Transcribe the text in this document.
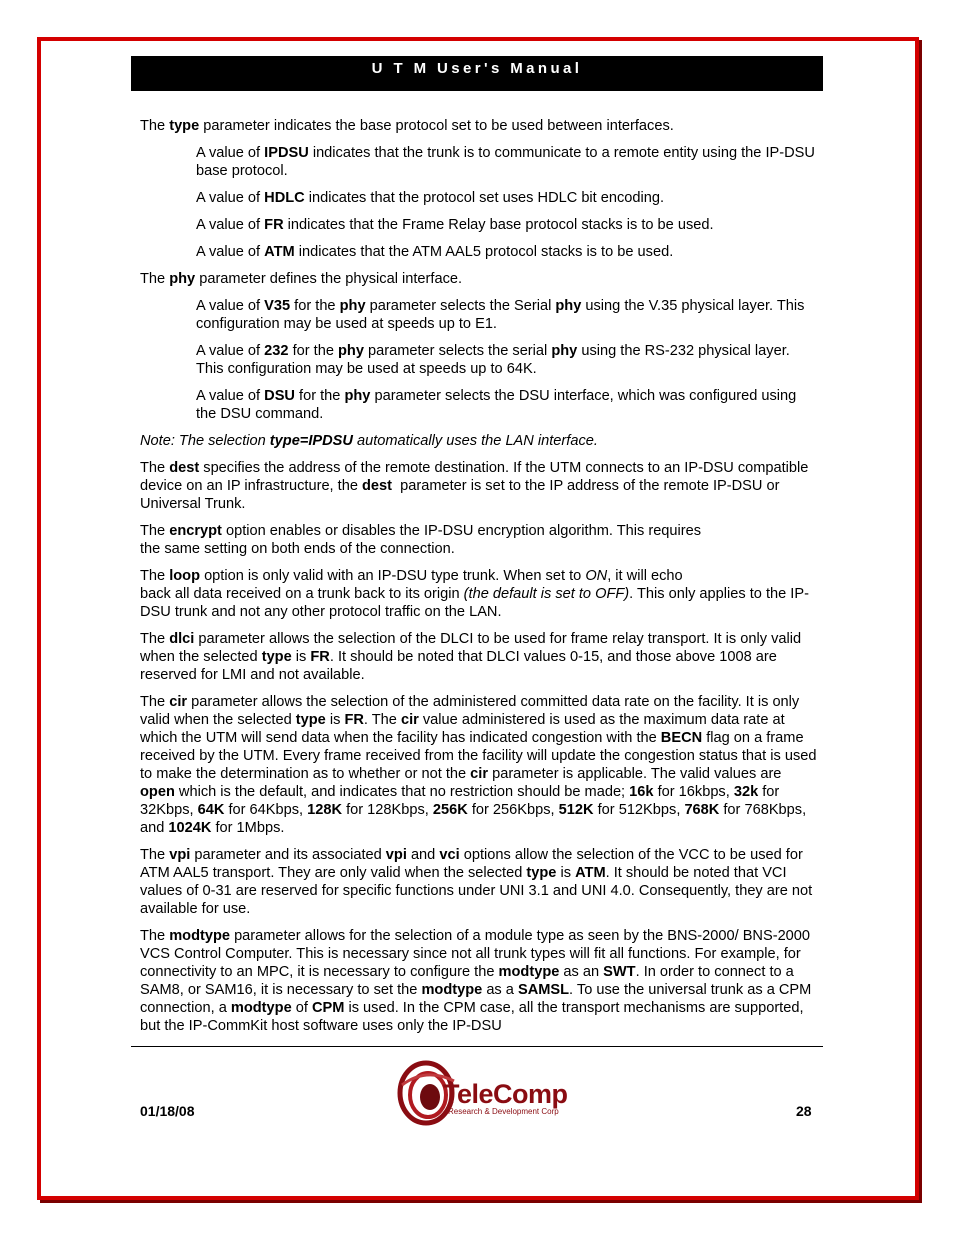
U T M User's Manual

The type parameter indicates the base protocol set to be used between interfaces.

A value of IPDSU indicates that the trunk is to communicate to a remote entity using the IP-DSU base protocol.

A value of HDLC indicates that the protocol set uses HDLC bit encoding.

A value of FR indicates that the Frame Relay base protocol stacks is to be used.

A value of ATM indicates that the ATM AAL5 protocol stacks is to be used.

The phy parameter defines the physical interface.

A value of V35 for the phy parameter selects the Serial phy using the V.35 physical layer. This configuration may be used at speeds up to E1.

A value of 232 for the phy parameter selects the serial phy using the RS-232 physical layer. This configuration may be used at speeds up to 64K.

A value of DSU for the phy parameter selects the DSU interface, which was configured using the DSU command.

Note: The selection type=IPDSU automatically uses the LAN interface.

The dest specifies the address of the remote destination. If the UTM connects to an IP-DSU compatible device on an IP infrastructure, the dest  parameter is set to the IP address of the remote IP-DSU or Universal Trunk.

The encrypt option enables or disables the IP-DSU encryption algorithm. This requires
the same setting on both ends of the connection.

The loop option is only valid with an IP-DSU type trunk. When set to ON, it will echo
back all data received on a trunk back to its origin (the default is set to OFF). This only applies to the IP-DSU trunk and not any other protocol traffic on the LAN.

The dlci parameter allows the selection of the DLCI to be used for frame relay transport. It is only valid when the selected type is FR. It should be noted that DLCI values 0-15, and those above 1008 are reserved for LMI and not available.

The cir parameter allows the selection of the administered committed data rate on the facility. It is only valid when the selected type is FR. The cir value administered is used as the maximum data rate at which the UTM will send data when the facility has indicated congestion with the BECN flag on a frame received by the UTM. Every frame received from the facility will update the congestion status that is used to make the determination as to whether or not the cir parameter is applicable. The valid values are open which is the default, and indicates that no restriction should be made; 16k for 16kbps, 32k for 32Kbps, 64K for 64Kbps, 128K for 128Kbps, 256K for 256Kbps, 512K for 512Kbps, 768K for 768Kbps, and 1024K for 1Mbps.

The vpi parameter and its associated vpi and vci options allow the selection of the VCC to be used for ATM AAL5 transport. They are only valid when the selected type is ATM. It should be noted that VCI values of 0-31 are reserved for specific functions under UNI 3.1 and UNI 4.0. Consequently, they are not available for use.

The modtype parameter allows for the selection of a module type as seen by the BNS-2000/ BNS-2000 VCS Control Computer. This is necessary since not all trunk types will fit all functions. For example, for connectivity to an MPC, it is necessary to configure the modtype as an SWT. In order to connect to a SAM8, or SAM16, it is necessary to set the modtype as a SAMSL. To use the universal trunk as a CPM connection, a modtype of CPM is used. In the CPM case, all the transport mechanisms are supported, but the IP-CommKit host software uses only the IP-DSU

01/18/08
TeleComp
Research & Development Corp	28
